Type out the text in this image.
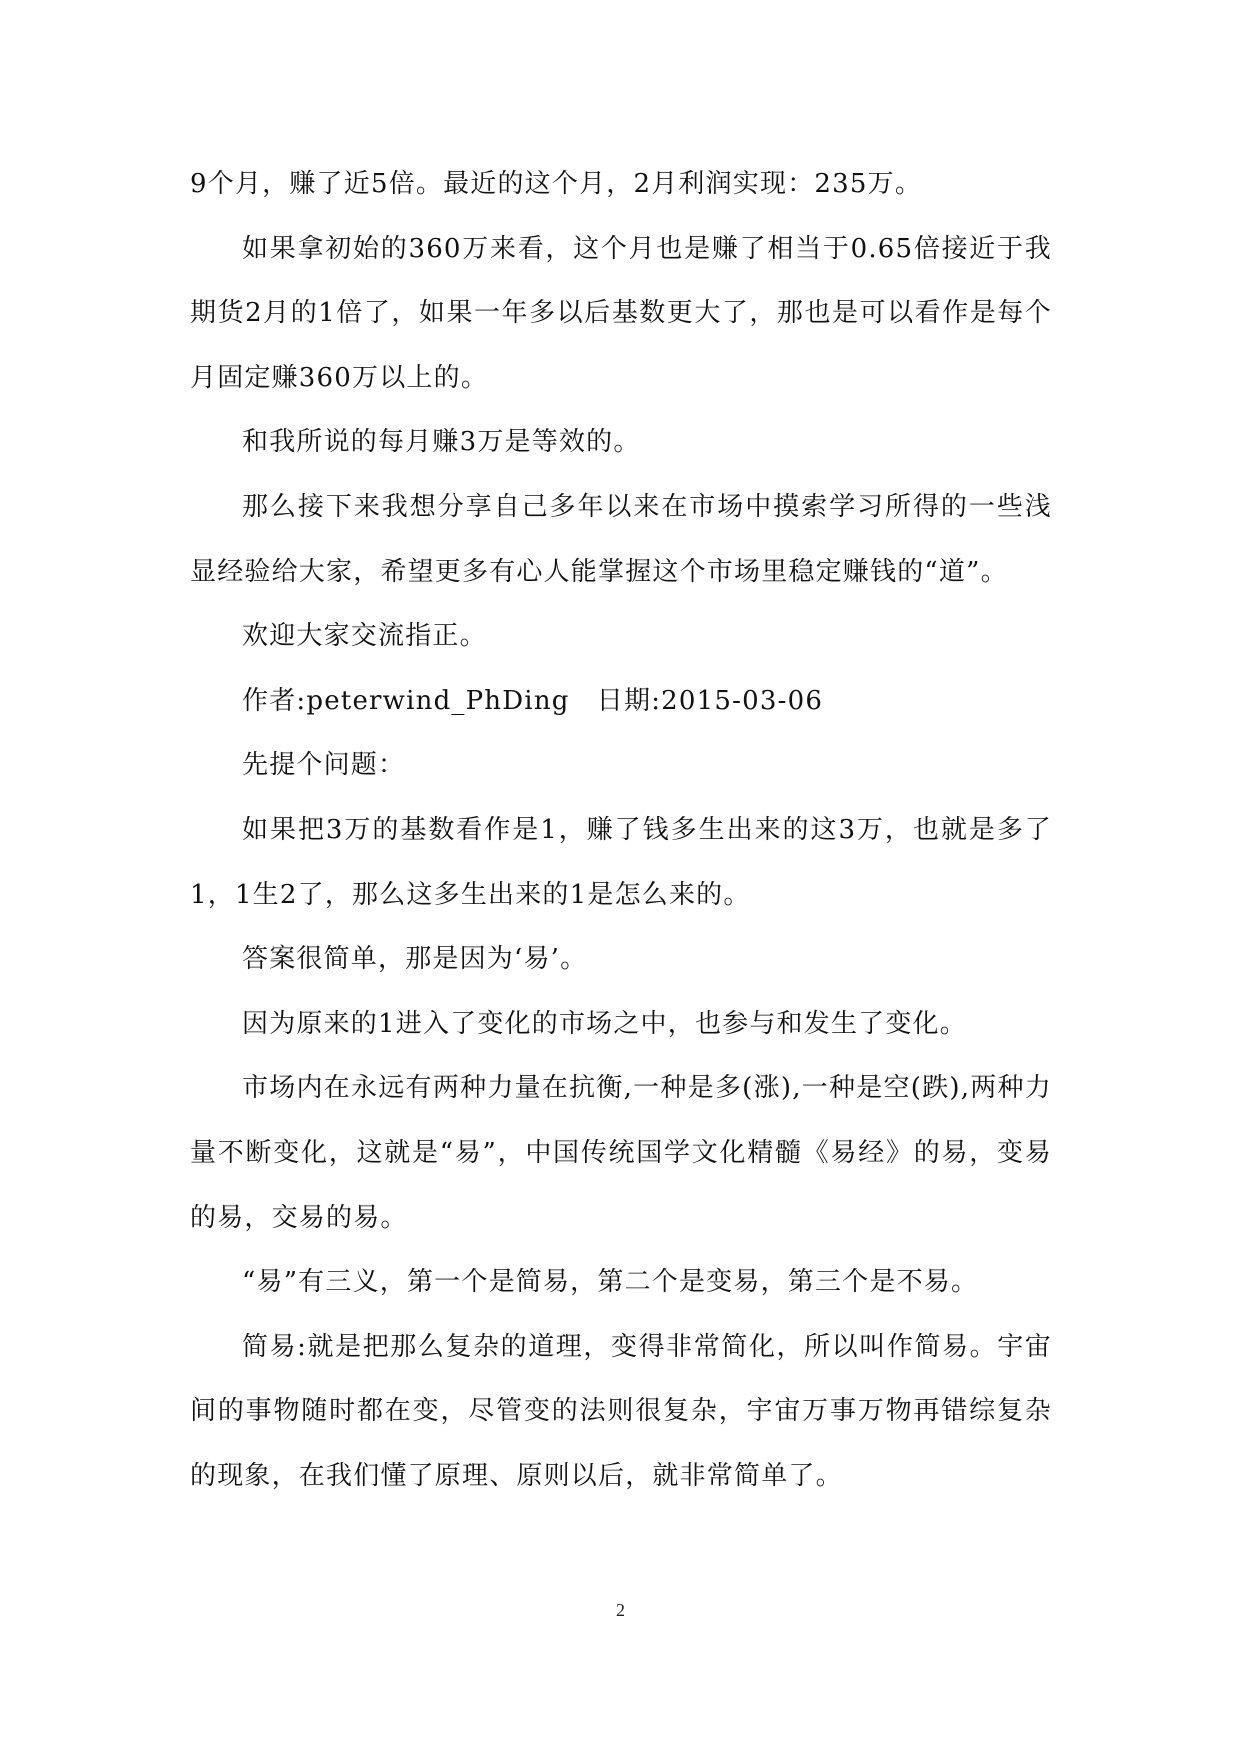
9个月，赚了近5倍。最近的这个月，2月利润实现：235万。

如果拿初始的360万来看，这个月也是赚了相当于0.65倍接近于我期货2月的1倍了，如果一年多以后基数更大了，那也是可以看作是每个月固定赚360万以上的。

和我所说的每月赚3万是等效的。

那么接下来我想分享自己多年以来在市场中摸索学习所得的一些浅显经验给大家，希望更多有心人能掌握这个市场里稳定赚钱的“道”。

欢迎大家交流指正。

作者:peterwind_PhDing　日期:2015-03-06

先提个问题：

如果把3万的基数看作是1，赚了钱多生出来的这3万，也就是多了1，1生2了，那么这多生出来的1是怎么来的。

答案很简单，那是因为‘易’。

因为原来的1进入了变化的市场之中，也参与和发生了变化。

市场内在永远有两种力量在抗衡,一种是多(涨),一种是空(跌),两种力量不断变化，这就是“易”，中国传统国学文化精髓《易经》的易，变易的易，交易的易。

“易”有三义，第一个是简易，第二个是变易，第三个是不易。

简易:就是把那么复杂的道理，变得非常简化，所以叫作简易。宇宙间的事物随时都在变，尽管变的法则很复杂，宇宙万事万物再错综复杂的现象，在我们懂了原理、原则以后，就非常简单了。

2
